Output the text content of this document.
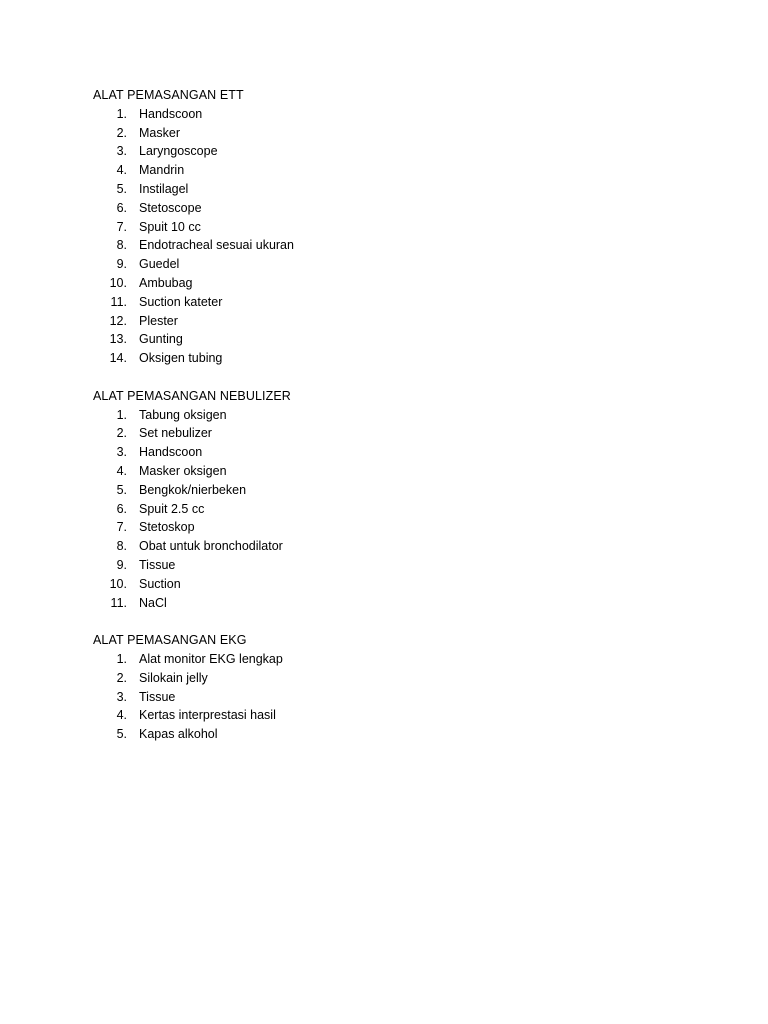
ALAT PEMASANGAN ETT
1. Handscoon
2. Masker
3. Laryngoscope
4. Mandrin
5. Instilagel
6. Stetoscope
7. Spuit 10 cc
8. Endotracheal sesuai ukuran
9. Guedel
10. Ambubag
11. Suction kateter
12. Plester
13. Gunting
14. Oksigen tubing
ALAT PEMASANGAN NEBULIZER
1. Tabung oksigen
2. Set nebulizer
3. Handscoon
4. Masker oksigen
5. Bengkok/nierbeken
6. Spuit 2.5 cc
7. Stetoskop
8. Obat untuk bronchodilator
9. Tissue
10. Suction
11. NaCl
ALAT PEMASANGAN EKG
1. Alat monitor EKG lengkap
2. Silokain jelly
3. Tissue
4. Kertas interprestasi hasil
5. Kapas alkohol
